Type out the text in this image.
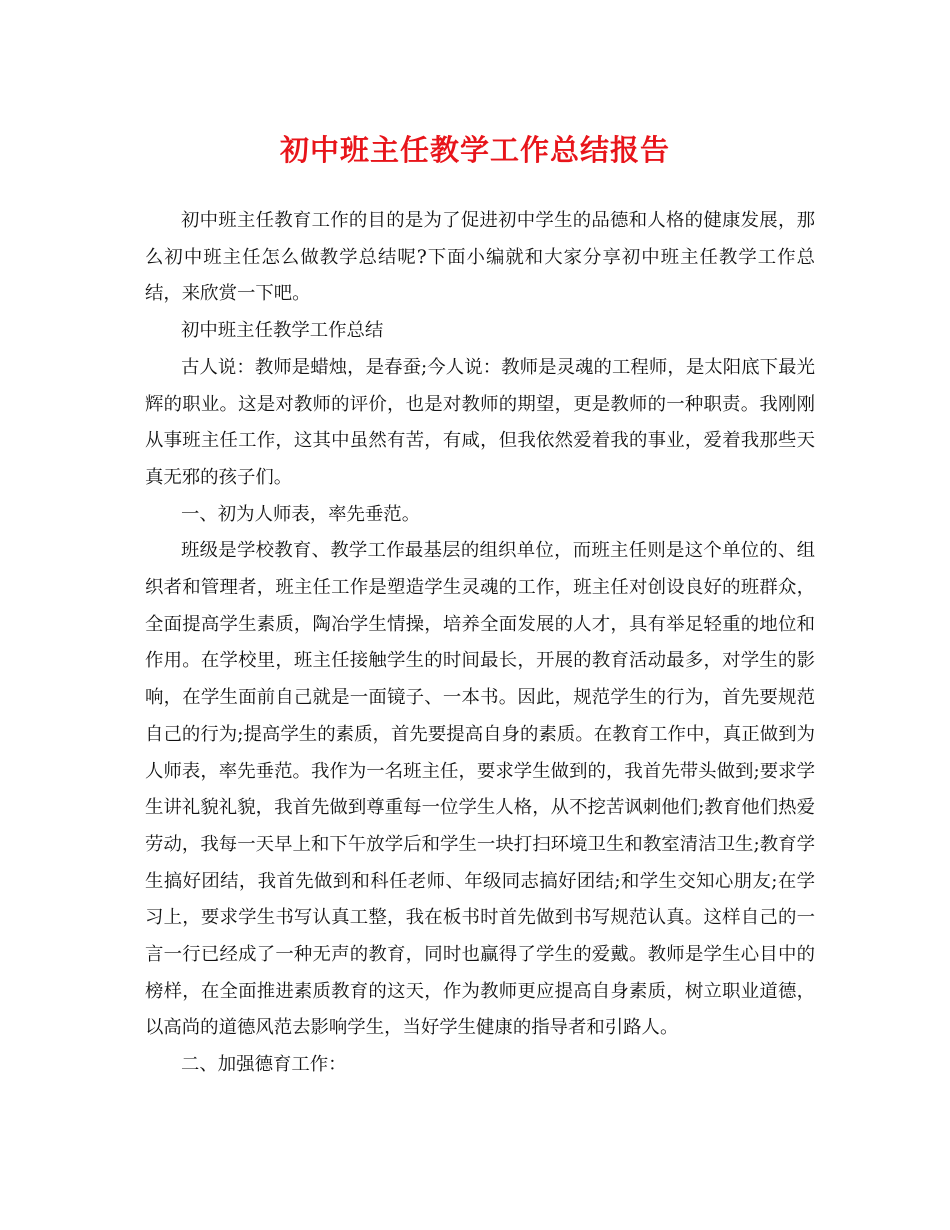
初中班主任教学工作总结报告

初中班主任教育工作的目的是为了促进初中学生的品德和人格的健康发展，那么初中班主任怎么做教学总结呢?下面小编就和大家分享初中班主任教学工作总结，来欣赏一下吧。

初中班主任教学工作总结

古人说：教师是蜡烛，是春蚕;今人说：教师是灵魂的工程师，是太阳底下最光辉的职业。这是对教师的评价，也是对教师的期望，更是教师的一种职责。我刚刚从事班主任工作，这其中虽然有苦，有咸，但我依然爱着我的事业，爱着我那些天真无邪的孩子们。

一、初为人师表，率先垂范。

班级是学校教育、教学工作最基层的组织单位，而班主任则是这个单位的、组织者和管理者，班主任工作是塑造学生灵魂的工作，班主任对创设良好的班群众，全面提高学生素质，陶冶学生情操，培养全面发展的人才，具有举足轻重的地位和作用。在学校里，班主任接触学生的时间最长，开展的教育活动最多，对学生的影响，在学生面前自己就是一面镜子、一本书。因此，规范学生的行为，首先要规范自己的行为;提高学生的素质，首先要提高自身的素质。在教育工作中，真正做到为人师表，率先垂范。我作为一名班主任，要求学生做到的，我首先带头做到;要求学生讲礼貌礼貌，我首先做到尊重每一位学生人格，从不挖苦讽刺他们;教育他们热爱劳动，我每一天早上和下午放学后和学生一块打扫环境卫生和教室清洁卫生;教育学生搞好团结，我首先做到和科任老师、年级同志搞好团结;和学生交知心朋友;在学习上，要求学生书写认真工整，我在板书时首先做到书写规范认真。这样自己的一言一行已经成了一种无声的教育，同时也赢得了学生的爱戴。教师是学生心目中的榜样，在全面推进素质教育的这天，作为教师更应提高自身素质，树立职业道德，以高尚的道德风范去影响学生，当好学生健康的指导者和引路人。

二、加强德育工作：
